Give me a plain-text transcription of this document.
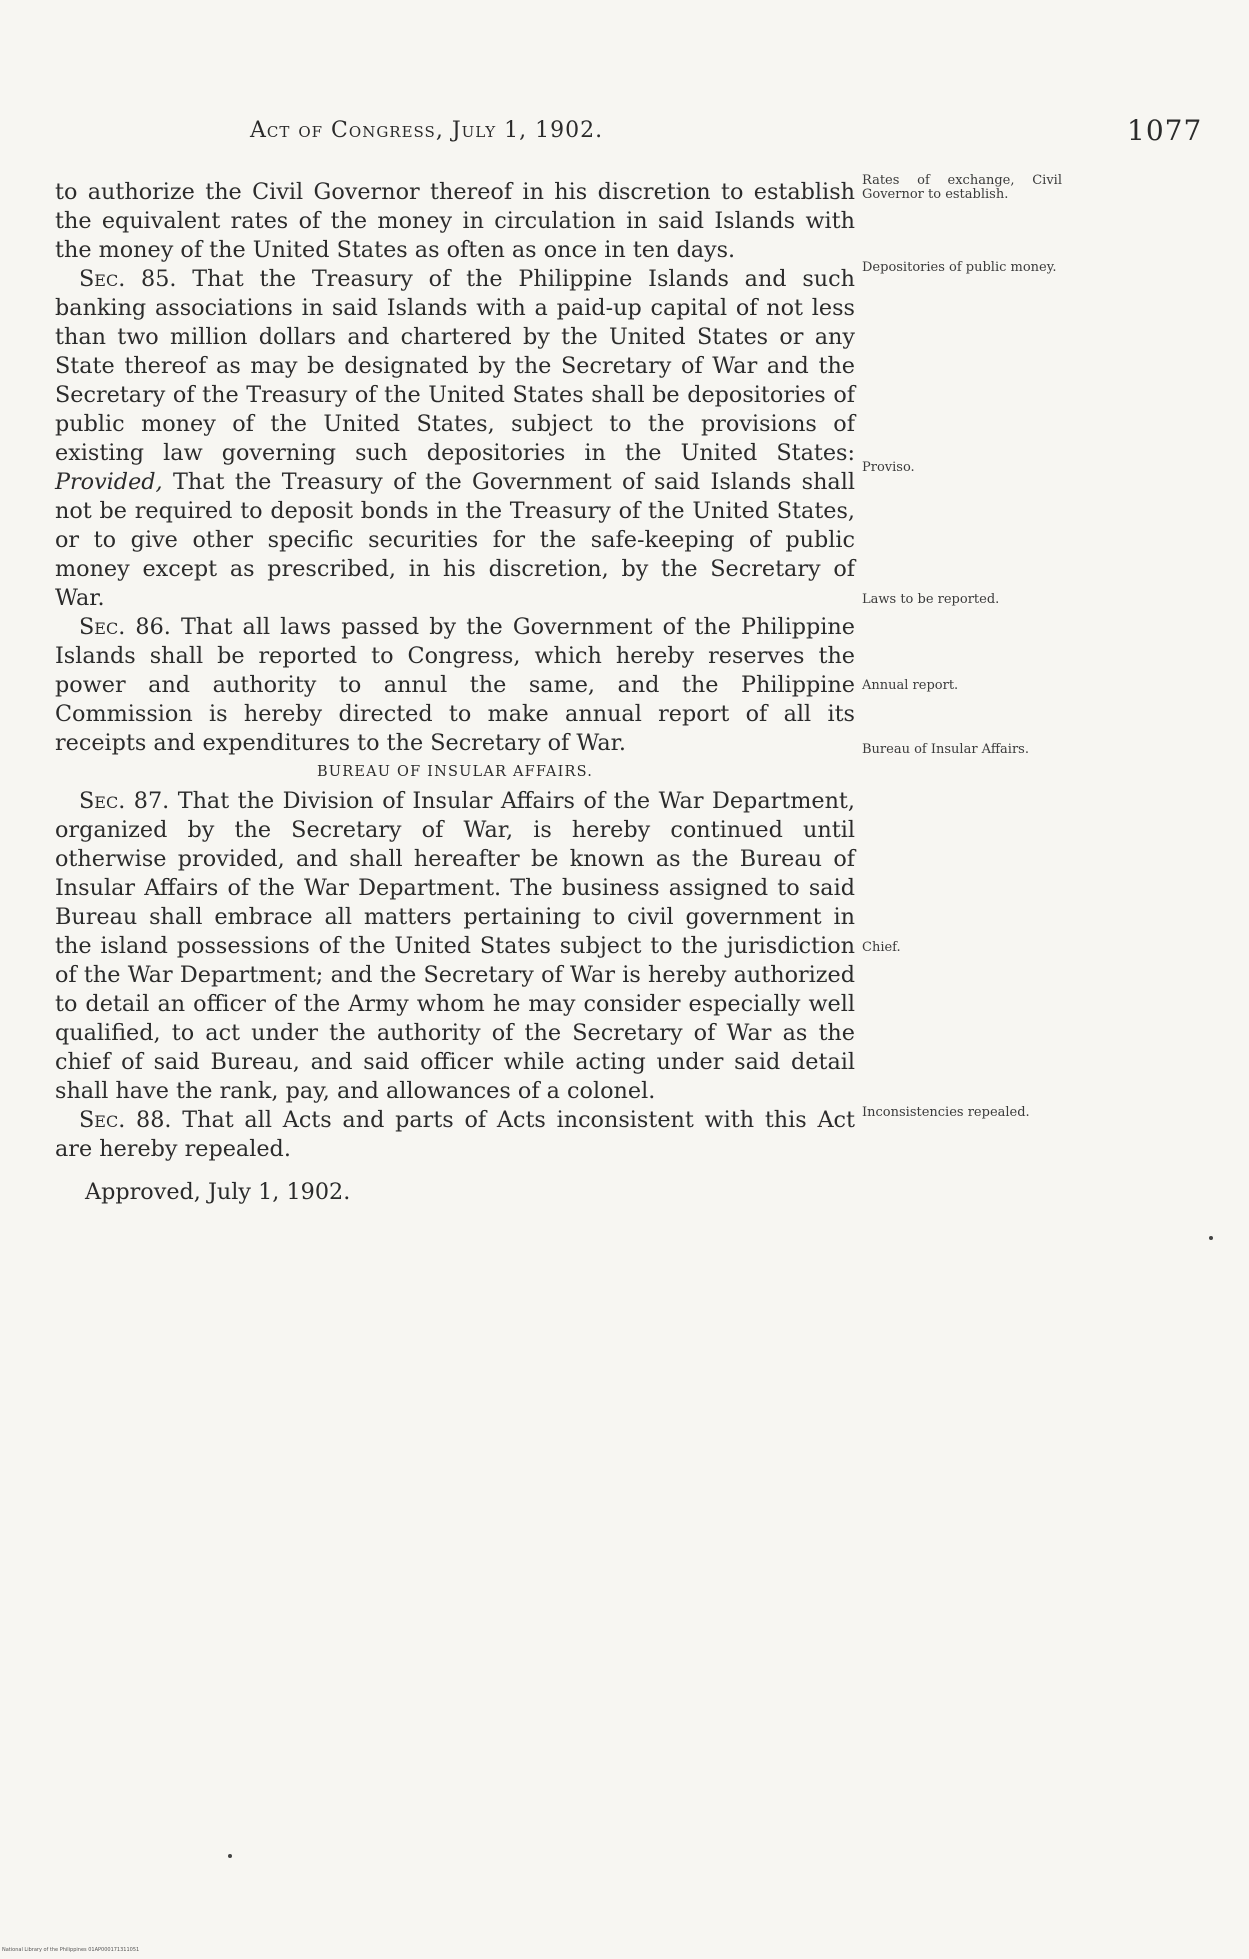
Act of Congress, July 1, 1902.	1077

to authorize the Civil Governor thereof in his discretion to establish the equivalent rates of the money in circulation in said Islands with the money of the United States as often as once in ten days.

Sec. 85. That the Treasury of the Philippine Islands and such banking associations in said Islands with a paid-up capital of not less than two million dollars and chartered by the United States or any State thereof as may be designated by the Secretary of War and the Secretary of the Treasury of the United States shall be depositories of public money of the United States, subject to the provisions of existing law governing such depositories in the United States: Provided, That the Treasury of the Government of said Islands shall not be required to deposit bonds in the Treasury of the United States, or to give other specific securities for the safe-keeping of public money except as prescribed, in his discretion, by the Secretary of War.

Sec. 86. That all laws passed by the Government of the Philippine Islands shall be reported to Congress, which hereby reserves the power and authority to annul the same, and the Philippine Commission is hereby directed to make annual report of all its receipts and expenditures to the Secretary of War.

BUREAU OF INSULAR AFFAIRS.

Sec. 87. That the Division of Insular Affairs of the War Department, organized by the Secretary of War, is hereby continued until otherwise provided, and shall hereafter be known as the Bureau of Insular Affairs of the War Department. The business assigned to said Bureau shall embrace all matters pertaining to civil government in the island possessions of the United States subject to the jurisdiction of the War Department; and the Secretary of War is hereby authorized to detail an officer of the Army whom he may consider especially well qualified, to act under the authority of the Secretary of War as the chief of said Bureau, and said officer while acting under said detail shall have the rank, pay, and allowances of a colonel.

Sec. 88. That all Acts and parts of Acts inconsistent with this Act are hereby repealed.

Approved, July 1, 1902.

Rates of exchange, Civil Governor to establish.
Depositories of public money.
Proviso.
Laws to be reported.
Annual report.
Bureau of Insular Affairs.
Chief.
Inconsistencies repealed.
National Library of the Philippines 01AP000171311051
